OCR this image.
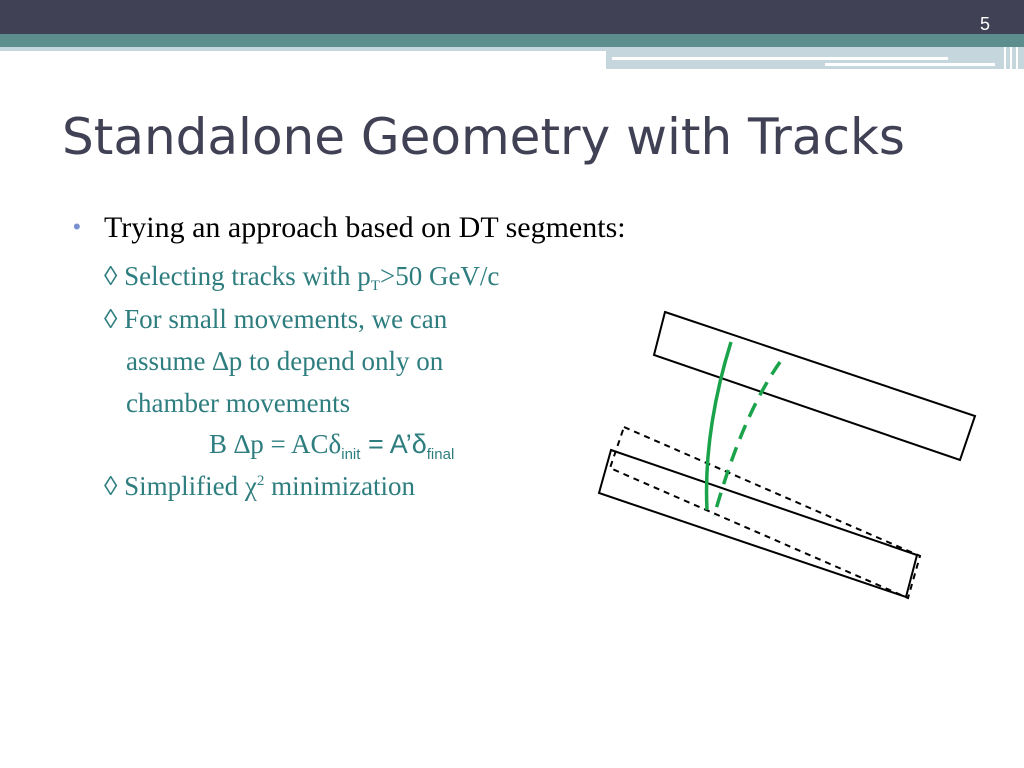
5
Standalone Geometry with Tracks
• Trying an approach based on DT segments:
◊ Selecting tracks with $p_T>50$ GeV/c
◊ For small movements, we can
assume ∆p to depend only on
chamber movements
B $\Delta p = AC\delta_{init} = A’\delta_{final}$
◊ Simplified $\chi^2$ minimization
